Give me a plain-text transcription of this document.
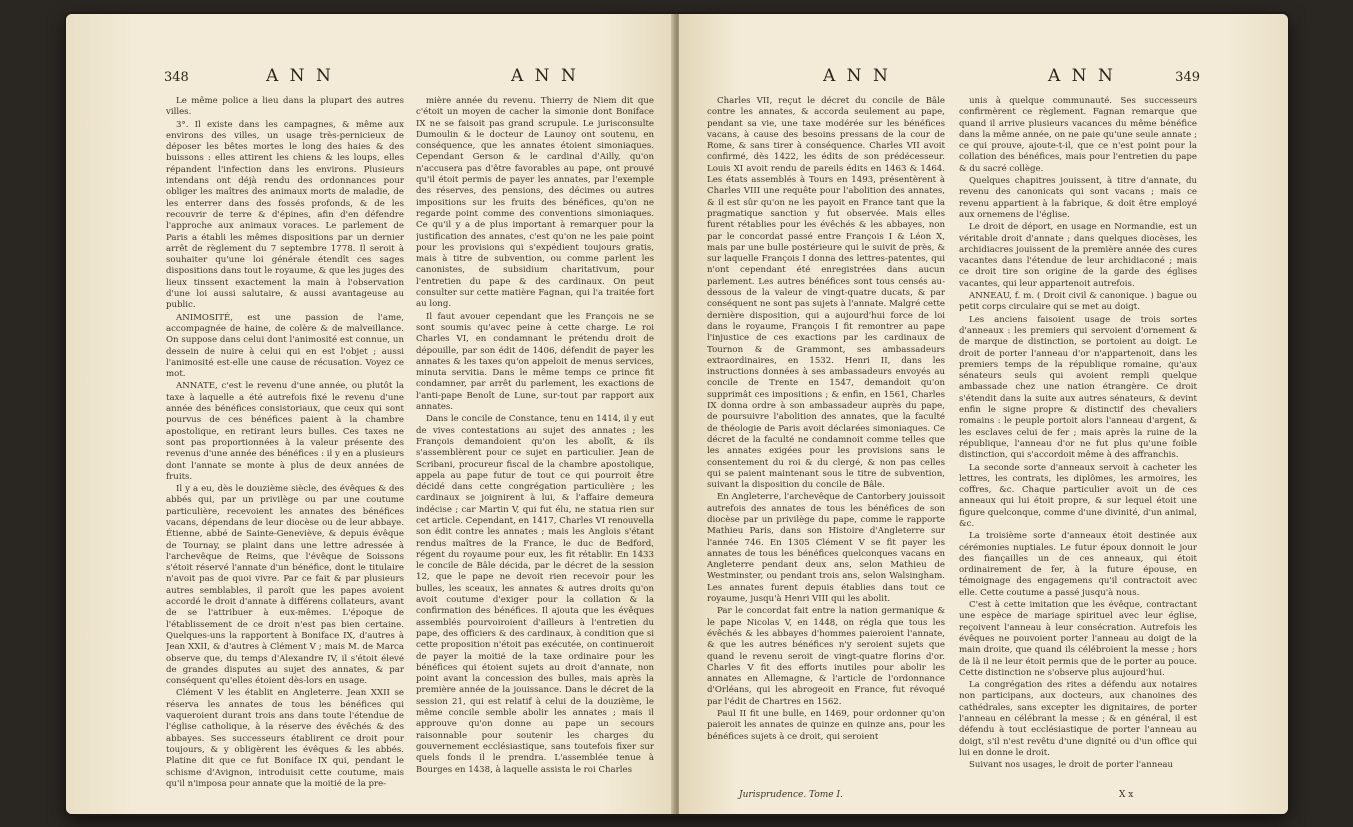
348	A N N	A N N

Le même police a lieu dans la plupart des autres villes.

3°. Il existe dans les campagnes, & même aux environs des villes, un usage très-pernicieux de déposer les bêtes mortes le long des haies & des buissons : elles attirent les chiens & les loups, elles répandent l'infection dans les environs. Plusieurs intendans ont déjà rendu des ordonnances pour obliger les maîtres des animaux morts de maladie, de les enterrer dans des fossés profonds, & de les recouvrir de terre & d'épines, afin d'en défendre l'approche aux animaux voraces. Le parlement de Paris a établi les mêmes dispositions par un dernier arrêt de règlement du 7 septembre 1778. Il seroit à souhaiter qu'une loi générale étendît ces sages dispositions dans tout le royaume, & que les juges des lieux tinssent exactement la main à l'observation d'une loi aussi salutaire, & aussi avantageuse au public.

ANIMOSITÉ, est une passion de l'ame, accompagnée de haine, de colère & de malveillance. On suppose dans celui dont l'animosité est connue, un dessein de nuire à celui qui en est l'objet ; aussi l'animosité est-elle une cause de récusation. Voyez ce mot.

ANNATE, c'est le revenu d'une année, ou plutôt la taxe à laquelle a été autrefois fixé le revenu d'une année des bénéfices consistoriaux, que ceux qui sont pourvus de ces bénéfices paient à la chambre apostolique, en retirant leurs bulles. Ces taxes ne sont pas proportionnées à la valeur présente des revenus d'une année des bénéfices : il y en a plusieurs dont l'annate se monte à plus de deux années de fruits.

Il y a eu, dès le douzième siècle, des évêques & des abbés qui, par un privilège ou par une coutume particulière, recevoient les annates des bénéfices vacans, dépendans de leur diocèse ou de leur abbaye. Étienne, abbé de Sainte-Geneviève, & depuis évêque de Tournay, se plaint dans une lettre adressée à l'archevêque de Reims, que l'évêque de Soissons s'étoit réservé l'annate d'un bénéfice, dont le titulaire n'avoit pas de quoi vivre. Par ce fait & par plusieurs autres semblables, il paroît que les papes avoient accordé le droit d'annate à différens collateurs, avant de se l'attribuer à eux-mêmes. L'époque de l'établissement de ce droit n'est pas bien certaine. Quelques-uns la rapportent à Boniface IX, d'autres à Jean XXII, & d'autres à Clément V ; mais M. de Marca observe que, du temps d'Alexandre IV, il s'étoit élevé de grandes disputes au sujet des annates, & par conséquent qu'elles étoient dès-lors en usage.

Clément V les établit en Angleterre. Jean XXII se réserva les annates de tous les bénéfices qui vaqueroient durant trois ans dans toute l'étendue de l'église catholique, à la réserve des évêchés & des abbayes. Ses successeurs établirent ce droit pour toujours, & y obligèrent les évêques & les abbés. Platine dit que ce fut Boniface IX qui, pendant le schisme d'Avignon, introduisit cette coutume, mais qu'il n'imposa pour annate que la moitié de la pre-

mière année du revenu. Thierry de Niem dit que c'étoit un moyen de cacher la simonie dont Boniface IX ne se faisoit pas grand scrupule. Le jurisconsulte Dumoulin & le docteur de Launoy ont soutenu, en conséquence, que les annates étoient simoniaques. Cependant Gerson & le cardinal d'Ailly, qu'on n'accusera pas d'être favorables au pape, ont prouvé qu'il étoit permis de payer les annates, par l'exemple des réserves, des pensions, des décimes ou autres impositions sur les fruits des bénéfices, qu'on ne regarde point comme des conventions simoniaques. Ce qu'il y a de plus important à remarquer pour la justification des annates, c'est qu'on ne les paie point pour les provisions qui s'expédient toujours gratis, mais à titre de subvention, ou comme parlent les canonistes, de subsidium charitativum, pour l'entretien du pape & des cardinaux. On peut consulter sur cette matière Fagnan, qui l'a traitée fort au long.

Il faut avouer cependant que les François ne se sont soumis qu'avec peine à cette charge. Le roi Charles VI, en condamnant le prétendu droit de dépouille, par son édit de 1406, défendit de payer les annates & les taxes qu'on appeloit de menus services, minuta servitia. Dans le même temps ce prince fit condamner, par arrêt du parlement, les exactions de l'anti-pape Benoît de Lune, sur-tout par rapport aux annates.

Dans le concile de Constance, tenu en 1414, il y eut de vives contestations au sujet des annates ; les François demandoient qu'on les abolît, & ils s'assemblèrent pour ce sujet en particulier. Jean de Scribani, procureur fiscal de la chambre apostolique, appela au pape futur de tout ce qui pourroit être décidé dans cette congrégation particulière ; les cardinaux se joignirent à lui, & l'affaire demeura indécise ; car Martin V, qui fut élu, ne statua rien sur cet article. Cependant, en 1417, Charles VI renouvella son édit contre les annates ; mais les Anglois s'étant rendus maîtres de la France, le duc de Bedford, régent du royaume pour eux, les fit rétablir. En 1433 le concile de Bâle décida, par le décret de la session 12, que le pape ne devoit rien recevoir pour les bulles, les sceaux, les annates & autres droits qu'on avoit coutume d'exiger pour la collation & la confirmation des bénéfices. Il ajouta que les évêques assemblés pourvoiroient d'ailleurs à l'entretien du pape, des officiers & des cardinaux, à condition que si cette proposition n'étoit pas exécutée, on continueroit de payer la moitié de la taxe ordinaire pour les bénéfices qui étoient sujets au droit d'annate, non point avant la concession des bulles, mais après la première année de la jouissance. Dans le décret de la session 21, qui est relatif à celui de la douzième, le même concile semble abolir les annates ; mais il approuve qu'on donne au pape un secours raisonnable pour soutenir les charges du gouvernement ecclésiastique, sans toutefois fixer sur quels fonds il le prendra. L'assemblée tenue à Bourges en 1438, à laquelle assista le roi Charles

A N N	A N N	349

Charles VII, reçut le décret du concile de Bâle contre les annates, & accorda seulement au pape, pendant sa vie, une taxe modérée sur les bénéfices vacans, à cause des besoins pressans de la cour de Rome, & sans tirer à conséquence. Charles VII avoit confirmé, dès 1422, les édits de son prédécesseur. Louis XI avoit rendu de pareils édits en 1463 & 1464. Les états assemblés à Tours en 1493, présentèrent à Charles VIII une requête pour l'abolition des annates, & il est sûr qu'on ne les payoit en France tant que la pragmatique sanction y fut observée. Mais elles furent rétablies pour les évêchés & les abbayes, non par le concordat passé entre François I & Léon X, mais par une bulle postérieure qui le suivit de près, & sur laquelle François I donna des lettres-patentes, qui n'ont cependant été enregistrées dans aucun parlement. Les autres bénéfices sont tous censés au-dessous de la valeur de vingt-quatre ducats, & par conséquent ne sont pas sujets à l'annate. Malgré cette dernière disposition, qui a aujourd'hui force de loi dans le royaume, François I fit remontrer au pape l'injustice de ces exactions par les cardinaux de Tournon & de Grammont, ses ambassadeurs extraordinaires, en 1532. Henri II, dans les instructions données à ses ambassadeurs envoyés au concile de Trente en 1547, demandoit qu'on supprimât ces impositions ; & enfin, en 1561, Charles IX donna ordre à son ambassadeur auprès du pape, de poursuivre l'abolition des annates, que la faculté de théologie de Paris avoit déclarées simoniaques. Ce décret de la faculté ne condamnoit comme telles que les annates exigées pour les provisions sans le consentement du roi & du clergé, & non pas celles qui se paient maintenant sous le titre de subvention, suivant la disposition du concile de Bâle.

En Angleterre, l'archevêque de Cantorbery jouissoit autrefois des annates de tous les bénéfices de son diocèse par un privilège du pape, comme le rapporte Mathieu Paris, dans son Histoire d'Angleterre sur l'année 746. En 1305 Clément V se fit payer les annates de tous les bénéfices quelconques vacans en Angleterre pendant deux ans, selon Mathieu de Westminster, ou pendant trois ans, selon Walsingham. Les annates furent depuis établies dans tout ce royaume, jusqu'à Henri VIII qui les abolit.

Par le concordat fait entre la nation germanique & le pape Nicolas V, en 1448, on régla que tous les évêchés & les abbayes d'hommes paieroient l'annate, & que les autres bénéfices n'y seroient sujets que quand le revenu seroit de vingt-quatre florins d'or. Charles V fit des efforts inutiles pour abolir les annates en Allemagne, & l'article de l'ordonnance d'Orléans, qui les abrogeoit en France, fut révoqué par l'édit de Chartres en 1562.

Paul II fit une bulle, en 1469, pour ordonner qu'on paieroit les annates de quinze en quinze ans, pour les bénéfices sujets à ce droit, qui seroient

unis à quelque communauté. Ses successeurs confirmèrent ce règlement. Fagnan remarque que quand il arrive plusieurs vacances du même bénéfice dans la même année, on ne paie qu'une seule annate ; ce qui prouve, ajoute-t-il, que ce n'est point pour la collation des bénéfices, mais pour l'entretien du pape & du sacré collège.

Quelques chapitres jouissent, à titre d'annate, du revenu des canonicats qui sont vacans ; mais ce revenu appartient à la fabrique, & doit être employé aux ornemens de l'église.

Le droit de déport, en usage en Normandie, est un véritable droit d'annate ; dans quelques diocèses, les archidiacres jouissent de la première année des cures vacantes dans l'étendue de leur archidiaconé ; mais ce droit tire son origine de la garde des églises vacantes, qui leur appartenoit autrefois.

ANNEAU, f. m. ( Droit civil & canonique. ) bague ou petit corps circulaire qui se met au doigt.

Les anciens faisoient usage de trois sortes d'anneaux : les premiers qui servoient d'ornement & de marque de distinction, se portoient au doigt. Le droit de porter l'anneau d'or n'appartenoit, dans les premiers temps de la république romaine, qu'aux sénateurs seuls qui avoient rempli quelque ambassade chez une nation étrangère. Ce droit s'étendit dans la suite aux autres sénateurs, & devint enfin le signe propre & distinctif des chevaliers romains : le peuple portoit alors l'anneau d'argent, & les esclaves celui de fer ; mais après la ruine de la république, l'anneau d'or ne fut plus qu'une foible distinction, qui s'accordoit même à des affranchis.

La seconde sorte d'anneaux servoit à cacheter les lettres, les contrats, les diplômes, les armoires, les coffres, &c. Chaque particulier avoit un de ces anneaux qui lui étoit propre, & sur lequel étoit une figure quelconque, comme d'une divinité, d'un animal, &c.

La troisième sorte d'anneaux étoit destinée aux cérémonies nuptiales. Le futur époux donnoit le jour des fiançailles un de ces anneaux, qui étoit ordinairement de fer, à la future épouse, en témoignage des engagemens qu'il contractoit avec elle. Cette coutume a passé jusqu'à nous.

C'est à cette imitation que les évêque, contractant une espèce de mariage spirituel avec leur église, reçoivent l'anneau à leur consécration. Autrefois les évêques ne pouvoient porter l'anneau au doigt de la main droite, que quand ils célébroient la messe ; hors de là il ne leur étoit permis que de le porter au pouce. Cette distinction ne s'observe plus aujourd'hui.

La congrégation des rites a défendu aux notaires non participans, aux docteurs, aux chanoines des cathédrales, sans excepter les dignitaires, de porter l'anneau en célébrant la messe ; & en général, il est défendu à tout ecclésiastique de porter l'anneau au doigt, s'il n'est revêtu d'une dignité ou d'un office qui lui en donne le droit.

Suivant nos usages, le droit de porter l'anneau

Jurisprudence. Tome I.	X x
